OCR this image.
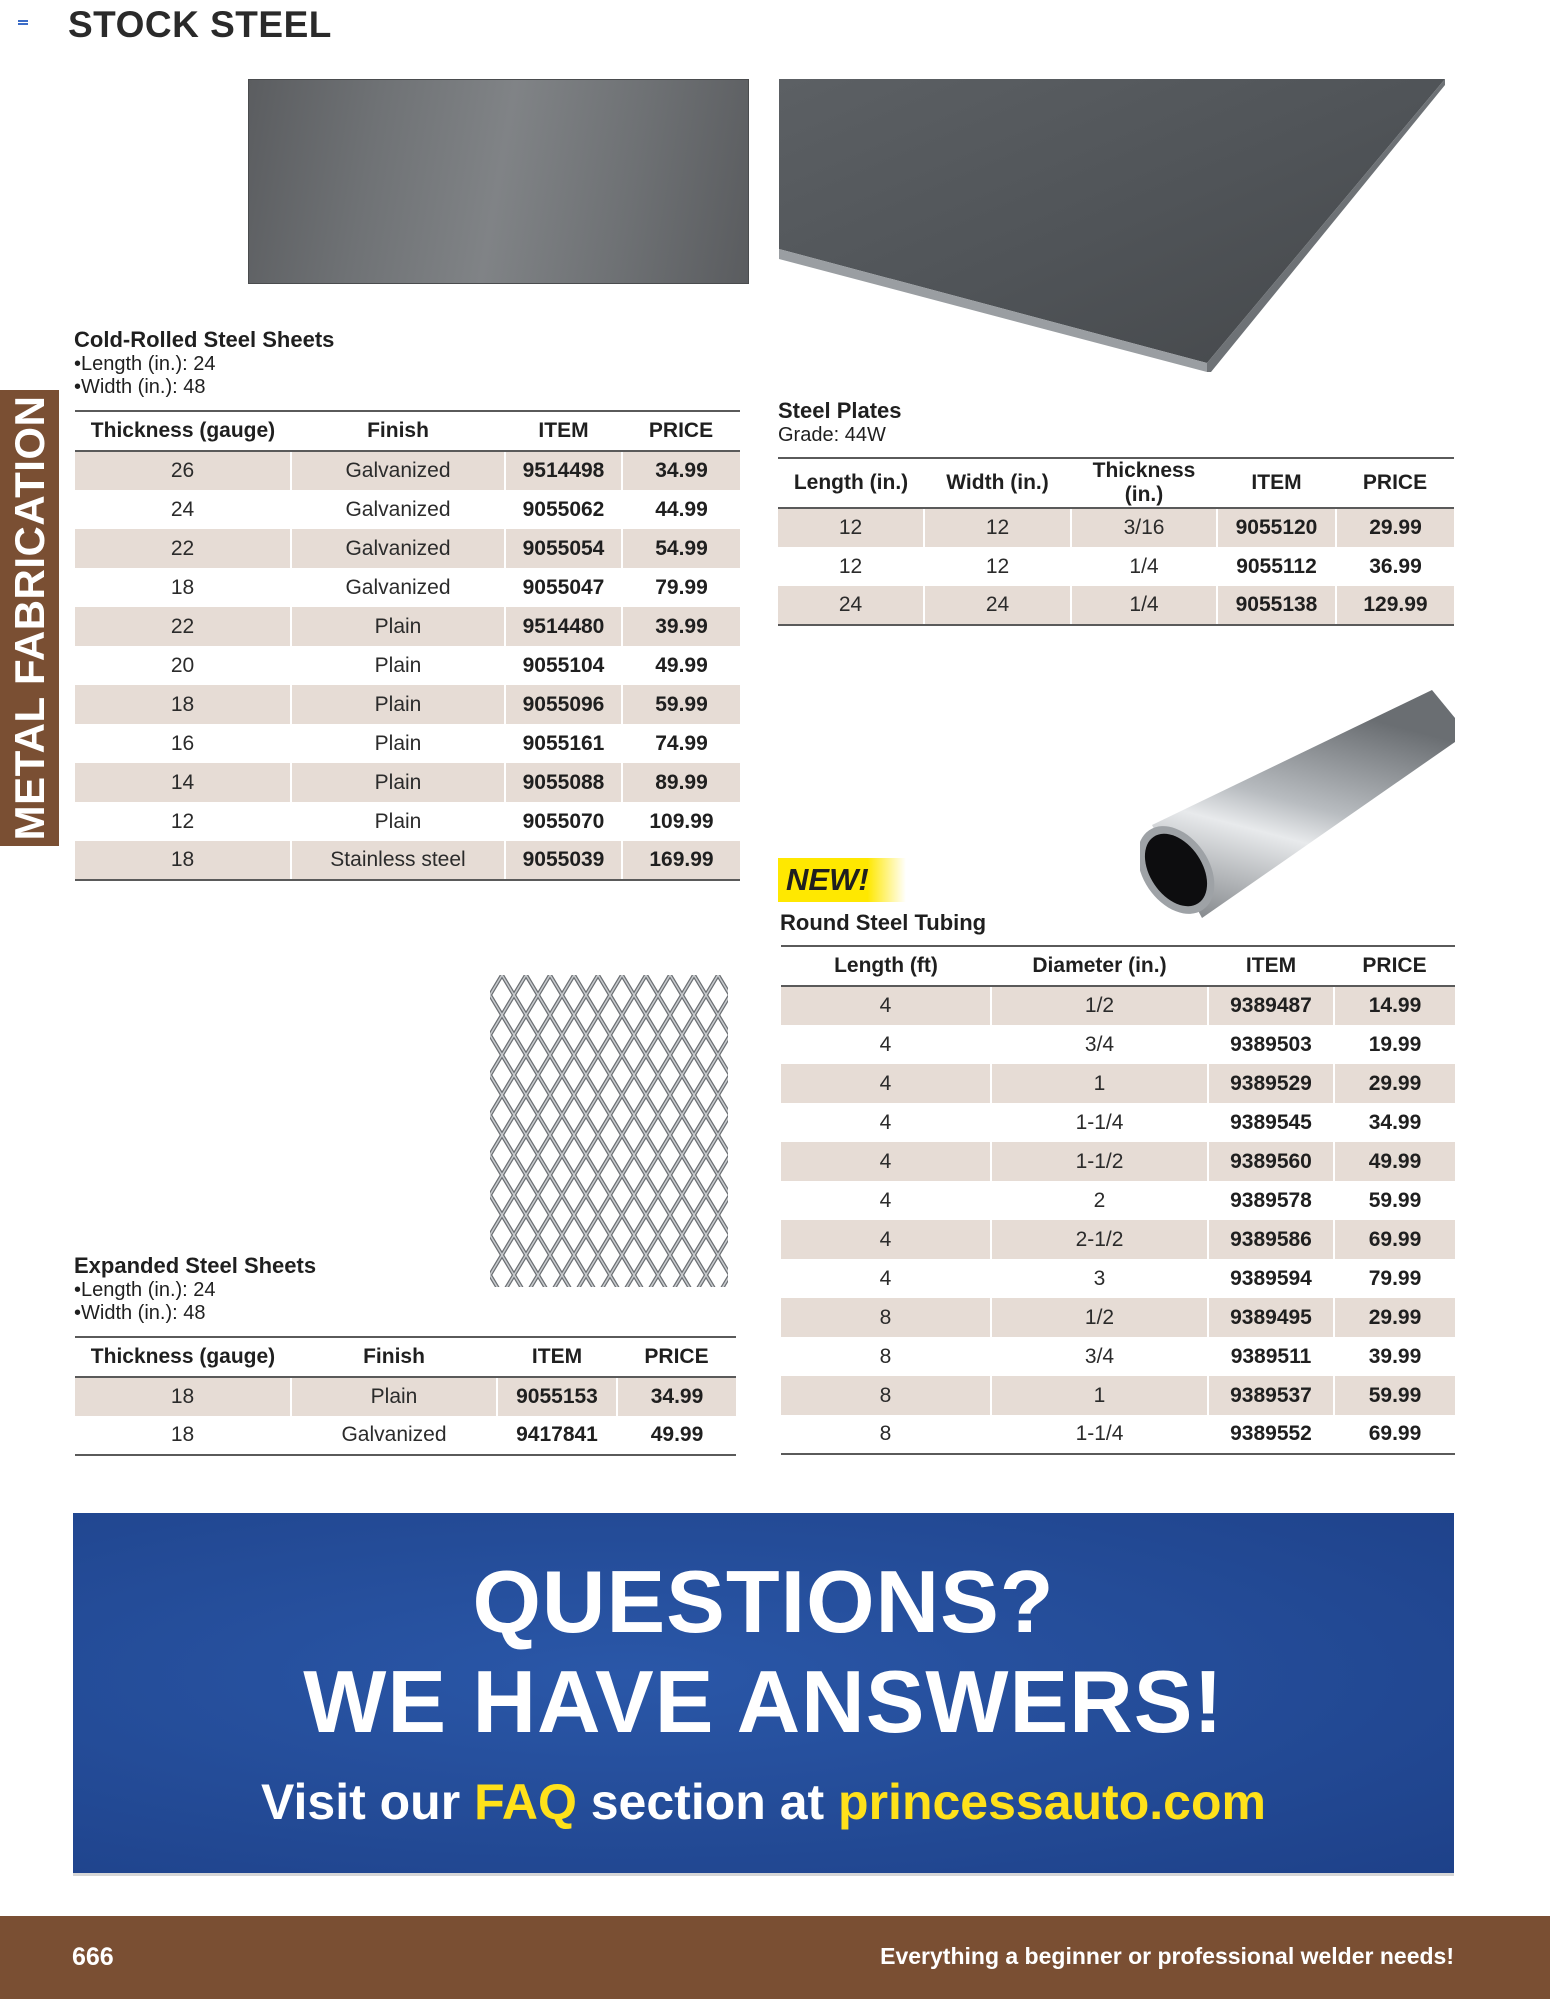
STOCK STEEL
METAL FABRICATION
Cold-Rolled Steel Sheets
•Length (in.): 24
•Width (in.): 48
Thickness (gauge)	Finish	ITEM	PRICE
26	Galvanized	9514498	34.99
24	Galvanized	9055062	44.99
22	Galvanized	9055054	54.99
18	Galvanized	9055047	79.99
22	Plain	9514480	39.99
20	Plain	9055104	49.99
18	Plain	9055096	59.99
16	Plain	9055161	74.99
14	Plain	9055088	89.99
12	Plain	9055070	109.99
18	Stainless steel	9055039	169.99
Steel Plates
Grade: 44W
Length (in.)	Width (in.)	Thickness (in.)	ITEM	PRICE
12	12	3/16	9055120	29.99
12	12	1/4	9055112	36.99
24	24	1/4	9055138	129.99
NEW!
Round Steel Tubing
Length (ft)	Diameter (in.)	ITEM	PRICE
4	1/2	9389487	14.99
4	3/4	9389503	19.99
4	1	9389529	29.99
4	1-1/4	9389545	34.99
4	1-1/2	9389560	49.99
4	2	9389578	59.99
4	2-1/2	9389586	69.99
4	3	9389594	79.99
8	1/2	9389495	29.99
8	3/4	9389511	39.99
8	1	9389537	59.99
8	1-1/4	9389552	69.99
Expanded Steel Sheets
•Length (in.): 24
•Width (in.): 48
Thickness (gauge)	Finish	ITEM	PRICE
18	Plain	9055153	34.99
18	Galvanized	9417841	49.99
QUESTIONS?
WE HAVE ANSWERS!
Visit our FAQ section at princessauto.com
666	Everything a beginner or professional welder needs!
